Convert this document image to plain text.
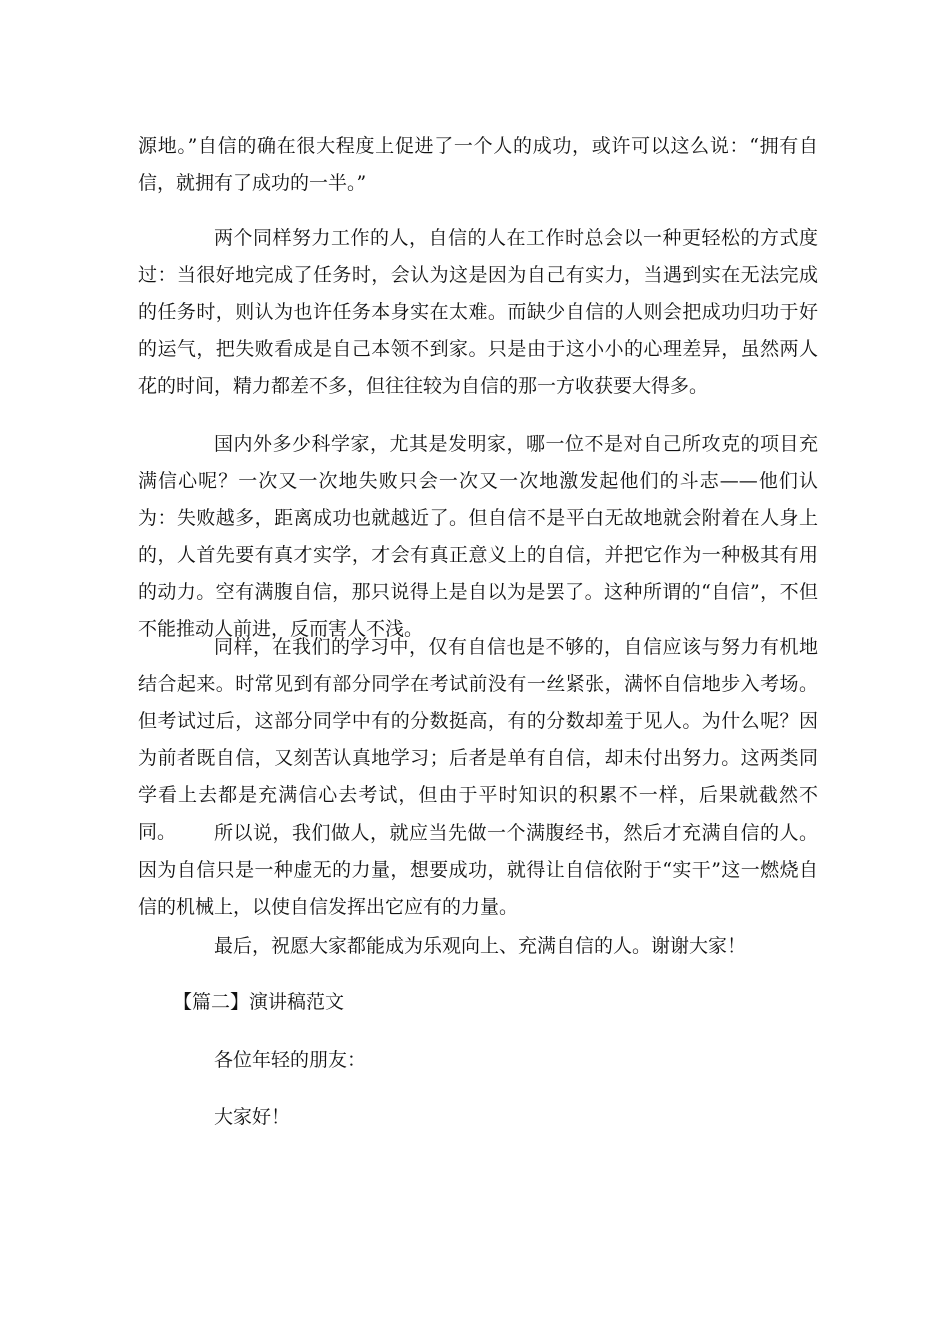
源地。”自信的确在很大程度上促进了一个人的成功，或许可以这么说：“拥有自信，就拥有了成功的一半。”
两个同样努力工作的人，自信的人在工作时总会以一种更轻松的方式度过：当很好地完成了任务时，会认为这是因为自己有实力，当遇到实在无法完成的任务时，则认为也许任务本身实在太难。而缺少自信的人则会把成功归功于好的运气，把失败看成是自己本领不到家。只是由于这小小的心理差异，虽然两人花的时间，精力都差不多，但往往较为自信的那一方收获要大得多。
国内外多少科学家，尤其是发明家，哪一位不是对自己所攻克的项目充满信心呢？一次又一次地失败只会一次又一次地激发起他们的斗志——他们认为：失败越多，距离成功也就越近了。但自信不是平白无故地就会附着在人身上的，人首先要有真才实学，才会有真正意义上的自信，并把它作为一种极其有用的动力。空有满腹自信，那只说得上是自以为是罢了。这种所谓的“自信”，不但不能推动人前进，反而害人不浅。
同样，在我们的学习中，仅有自信也是不够的，自信应该与努力有机地结合起来。时常见到有部分同学在考试前没有一丝紧张，满怀自信地步入考场。但考试过后，这部分同学中有的分数挺高，有的分数却羞于见人。为什么呢？因为前者既自信，又刻苦认真地学习；后者是单有自信，却未付出努力。这两类同学看上去都是充满信心去考试，但由于平时知识的积累不一样，后果就截然不同。	所以说，我们做人，就应当先做一个满腹经书，然后才充满自信的人。因为自信只是一种虚无的力量，想要成功，就得让自信依附于“实干”这一燃烧自信的机械上，以使自信发挥出它应有的力量。
最后，祝愿大家都能成为乐观向上、充满自信的人。谢谢大家！
【篇二】演讲稿范文
各位年轻的朋友：
大家好！
